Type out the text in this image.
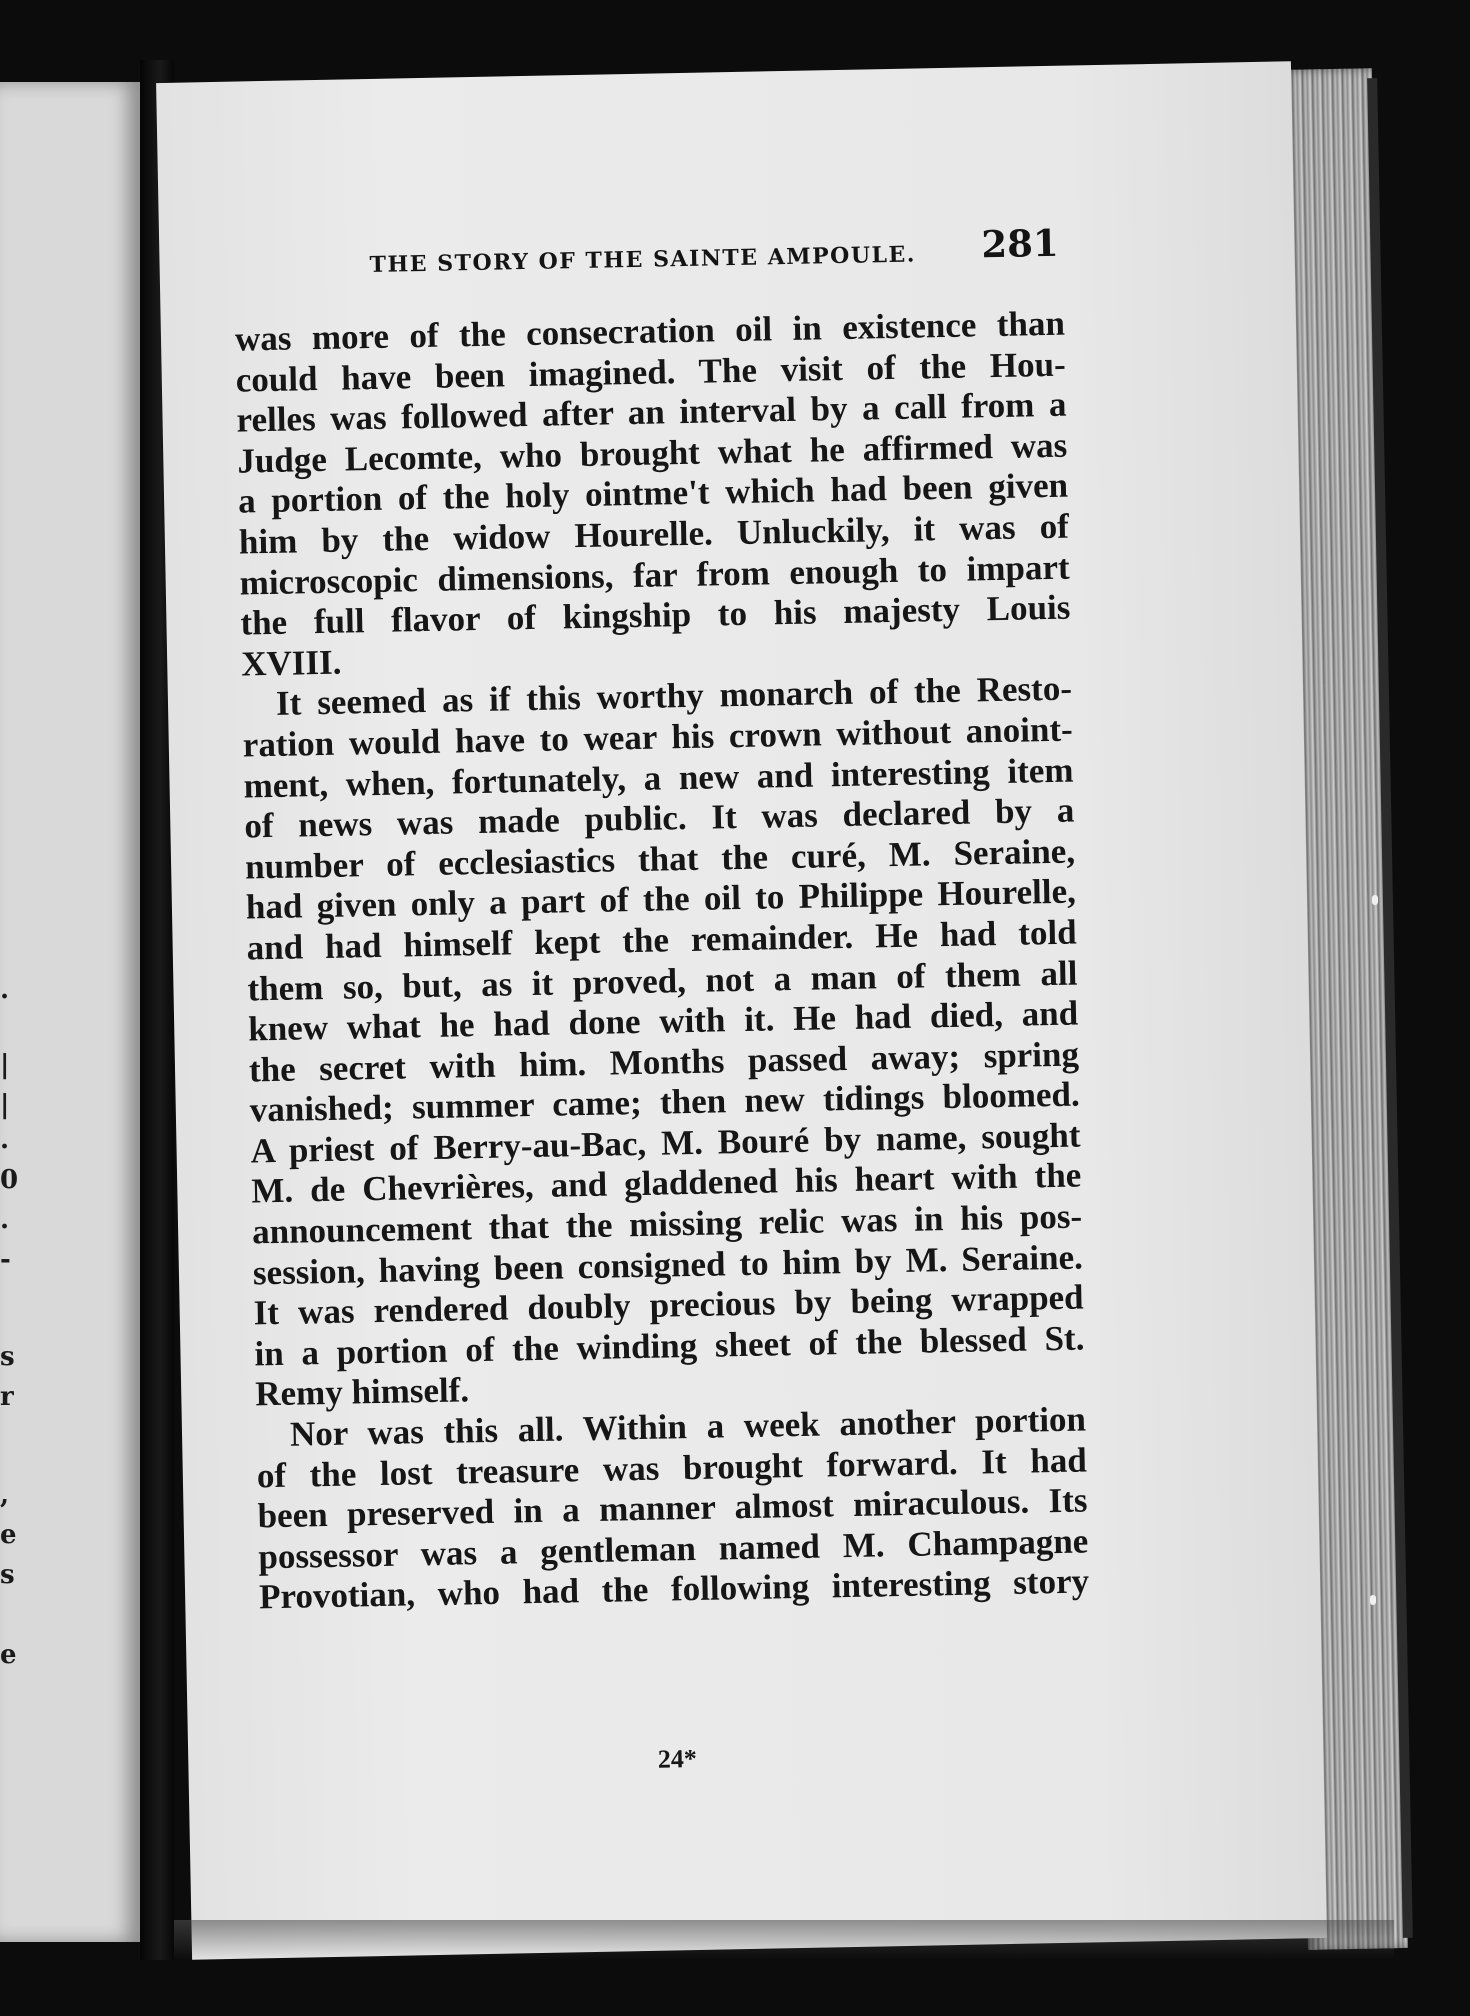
.
|
|
.
0
.
-
s
r
,
e
s
e
THE STORY OF THE SAINTE AMPOULE. 281

was more of the consecration oil in existence than
could have been imagined. The visit of the Hou-
relles was followed after an interval by a call from a
Judge Lecomte, who brought what he affirmed was
a portion of the holy ointme't which had been given
him by the widow Hourelle. Unluckily, it was of
microscopic dimensions, far from enough to impart
the full flavor of kingship to his majesty Louis
XVIII.

It seemed as if this worthy monarch of the Resto-
ration would have to wear his crown without anoint-
ment, when, fortunately, a new and interesting item
of news was made public. It was declared by a
number of ecclesiastics that the curé, M. Seraine,
had given only a part of the oil to Philippe Hourelle,
and had himself kept the remainder. He had told
them so, but, as it proved, not a man of them all
knew what he had done with it. He had died, and
the secret with him. Months passed away; spring
vanished; summer came; then new tidings bloomed.
A priest of Berry-au-Bac, M. Bouré by name, sought
M. de Chevrières, and gladdened his heart with the
announcement that the missing relic was in his pos-
session, having been consigned to him by M. Seraine.
It was rendered doubly precious by being wrapped
in a portion of the winding sheet of the blessed St.
Remy himself.

Nor was this all. Within a week another portion
of the lost treasure was brought forward. It had
been preserved in a manner almost miraculous. Its
possessor was a gentleman named M. Champagne
Provotian, who had the following interesting story

24*
